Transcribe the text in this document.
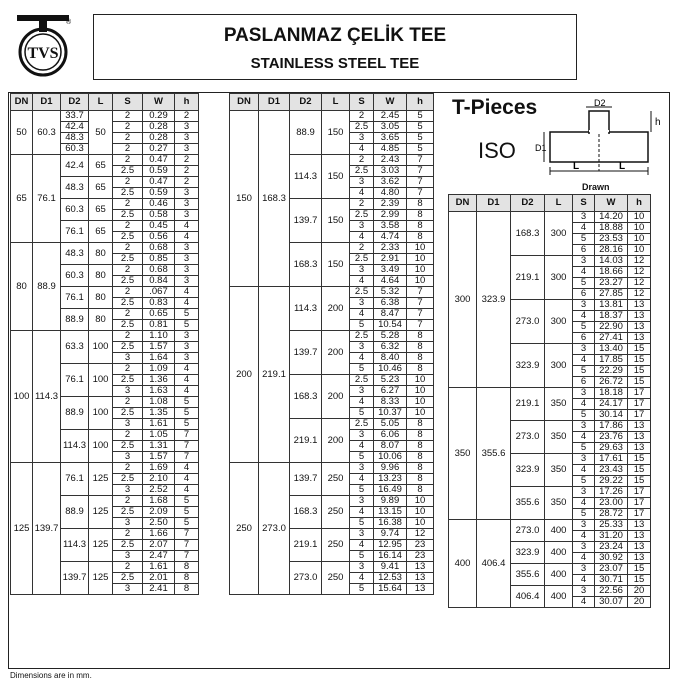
TVS
®
PASLANMAZ ÇELİK TEE
STAINLESS STEEL TEE
DN	D1	D2	L	S	W	h
50	60.3	33.7	50	2	0.29	2
		42.4		2	0.28	3
		48.3		2	0.28	3
		60.3		2	0.27	3
65	76.1	42.4	65	2	0.47	2
				2.5	0.59	2
		48.3	65	2	0.47	2
				2.5	0.59	3
		60.3	65	2	0.46	3
				2.5	0.58	3
		76.1	65	2	0.45	4
				2.5	0.56	4
80	88.9	48.3	80	2	0.68	3
				2.5	0.85	3
		60.3	80	2	0.68	3
				2.5	0.84	3
		76.1	80	2	.067	4
				2.5	0.83	4
		88.9	80	2	0.65	5
				2.5	0.81	5
100	114.3	63.3	100	2	1.10	3
				2.5	1.57	3
				3	1.64	3
		76.1	100	2	1.09	4
				2.5	1.36	4
				3	1.63	4
		88.9	100	2	1.08	5
				2.5	1.35	5
				3	1.61	5
		114.3	100	2	1.05	7
				2.5	1.31	7
				3	1.57	7
125	139.7	76.1	125	2	1.69	4
				2.5	2.10	4
				3	2.52	4
		88.9	125	2	1.68	5
				2.5	2.09	5
				3	2.50	5
		114.3	125	2	1.66	7
				2.5	2.07	7
				3	2.47	7
		139.7	125	2	1.61	8
				2.5	2.01	8
				3	2.41	8
DN	D1	D2	L	S	W	h
150	168.3	88.9	150	2	2.45	5
				2.5	3.05	5
				3	3.65	5
				4	4.85	5
		114.3	150	2	2.43	7
				2.5	3.03	7
				3	3.62	7
				4	4.80	7
		139.7	150	2	2.39	8
				2.5	2.99	8
				3	3.58	8
				4	4.74	8
		168.3	150	2	2.33	10
				2.5	2.91	10
				3	3.49	10
				4	4.64	10
200	219.1	114.3	200	2.5	5.32	7
				3	6.38	7
				4	8.47	7
				5	10.54	7
		139.7	200	2.5	5.28	8
				3	6.32	8
				4	8.40	8
				5	10.46	8
		168.3	200	2.5	5.23	10
				3	6.27	10
				4	8.33	10
				5	10.37	10
		219.1	200	2.5	5.05	8
				3	6.06	8
				4	8.07	8
				5	10.06	8
250	273.0	139.7	250	3	9.96	8
				4	13.23	8
				5	16.49	8
		168.3	250	3	9.89	10
				4	13.15	10
				5	16.38	10
		219.1	250	3	9.74	12
				4	12.95	23
				5	16.14	23
		273.0	250	3	9.41	13
				4	12.53	13
				5	15.64	13
DN	D1	D2	L	S	W	h
300	323.9	168.3	300	3	14.20	10
				4	18.88	10
				5	23.53	10
				6	28.16	10
		219.1	300	3	14.03	12
				4	18.66	12
				5	23.27	12
				6	27.85	12
		273.0	300	3	13.81	13
				4	18.37	13
				5	22.90	13
				6	27.41	13
		323.9	300	3	13.40	15
				4	17.85	15
				5	22.29	15
				6	26.72	15
350	355.6	219.1	350	3	18.18	17
				4	24.17	17
				5	30.14	17
		273.0	350	3	17.86	13
				4	23.76	13
				5	29.63	13
		323.9	350	3	17.61	15
				4	23.43	15
				5	29.22	15
		355.6	350	3	17.26	17
				4	23.00	17
				5	28.72	17
400	406.4	273.0	400	3	25.33	13
				4	31.20	13
		323.9	400	3	23.24	13
				4	30.92	13
		355.6	400	3	23.07	15
				4	30.71	15
		406.4	400	3	22.56	20
				4	30.07	20
T-Pieces
ISO
D2
L	L
D1
h
Drawn
Dimensions are in mm.
